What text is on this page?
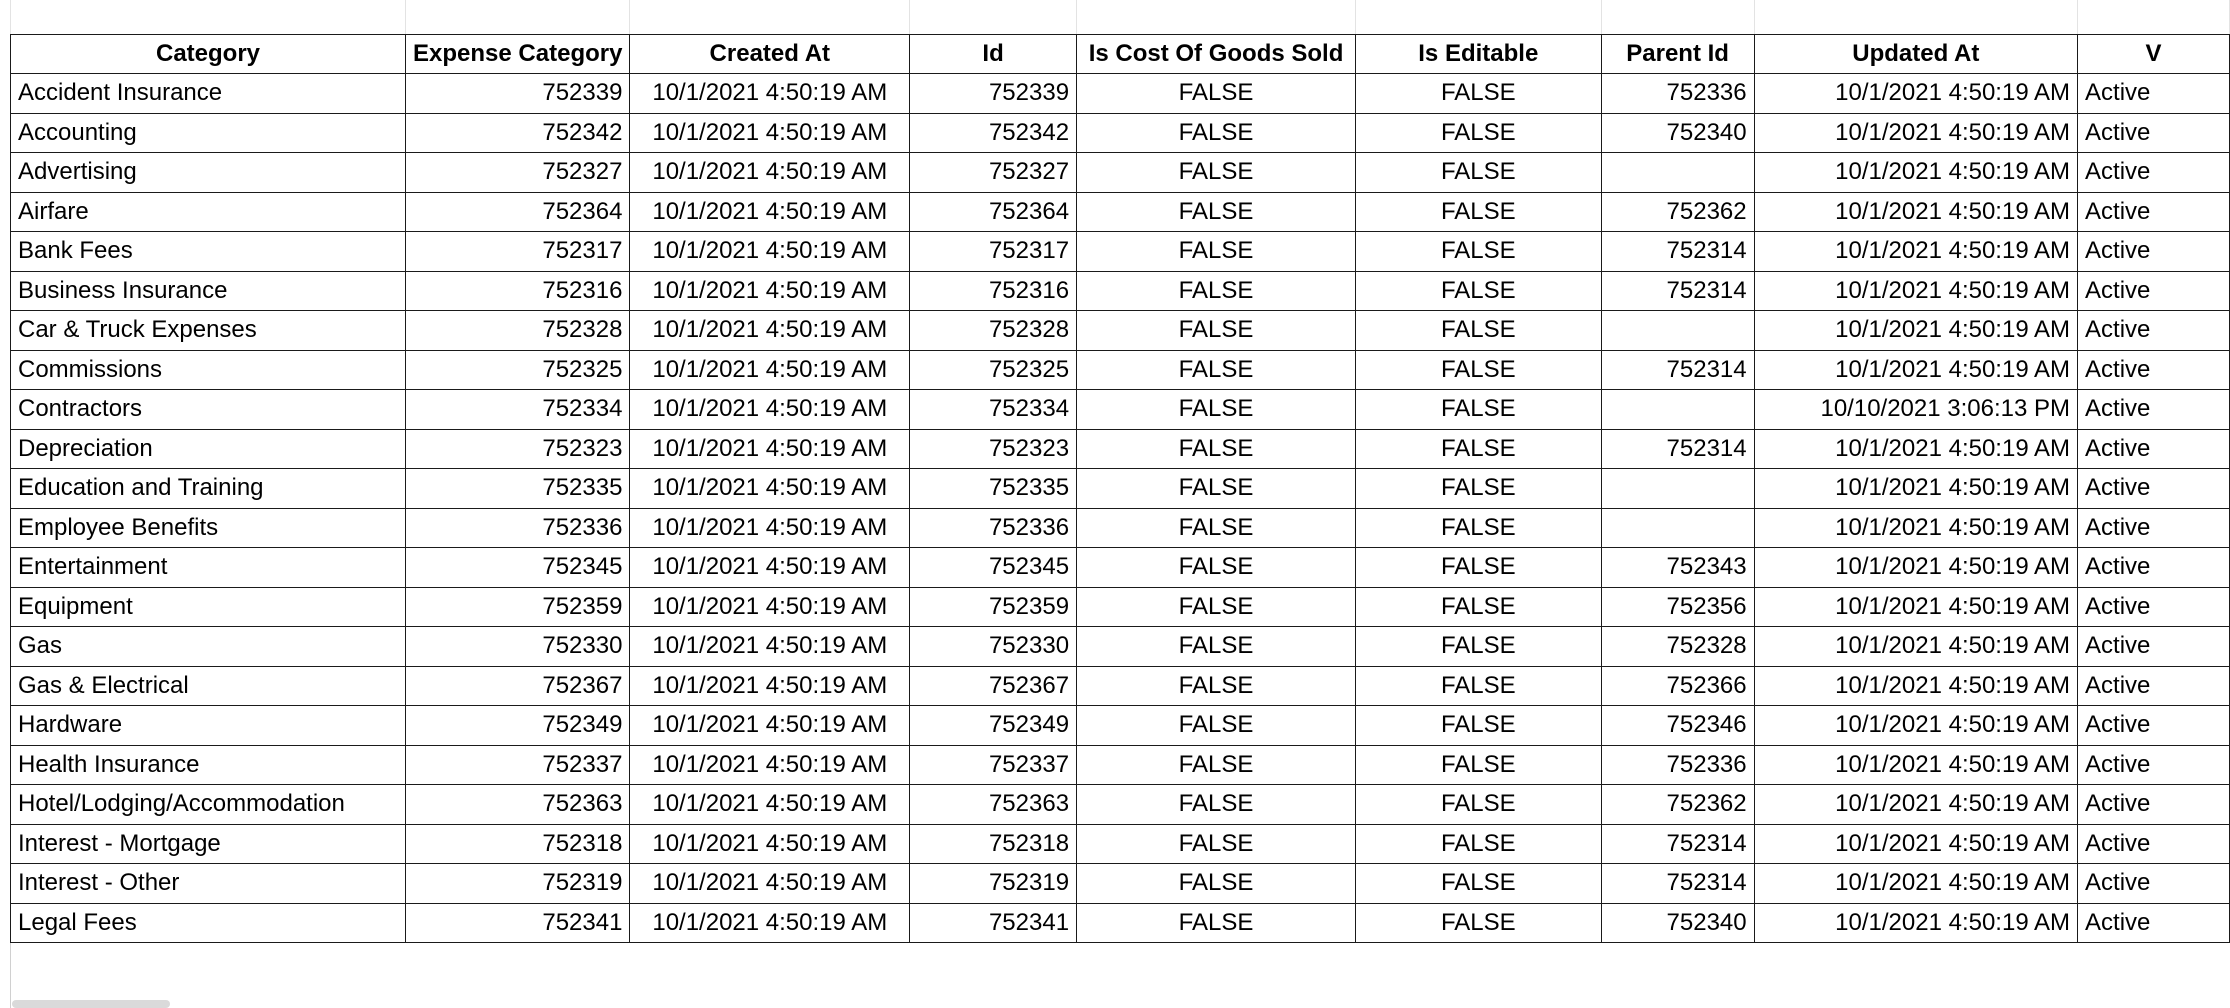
Category	Expense Category	Created At	Id	Is Cost Of Goods Sold	Is Editable	Parent Id	Updated At	V
Accident Insurance	752339	10/1/2021 4:50:19 AM	752339	FALSE	FALSE	752336	10/1/2021 4:50:19 AM	Active
Accounting	752342	10/1/2021 4:50:19 AM	752342	FALSE	FALSE	752340	10/1/2021 4:50:19 AM	Active
Advertising	752327	10/1/2021 4:50:19 AM	752327	FALSE	FALSE		10/1/2021 4:50:19 AM	Active
Airfare	752364	10/1/2021 4:50:19 AM	752364	FALSE	FALSE	752362	10/1/2021 4:50:19 AM	Active
Bank Fees	752317	10/1/2021 4:50:19 AM	752317	FALSE	FALSE	752314	10/1/2021 4:50:19 AM	Active
Business Insurance	752316	10/1/2021 4:50:19 AM	752316	FALSE	FALSE	752314	10/1/2021 4:50:19 AM	Active
Car & Truck Expenses	752328	10/1/2021 4:50:19 AM	752328	FALSE	FALSE		10/1/2021 4:50:19 AM	Active
Commissions	752325	10/1/2021 4:50:19 AM	752325	FALSE	FALSE	752314	10/1/2021 4:50:19 AM	Active
Contractors	752334	10/1/2021 4:50:19 AM	752334	FALSE	FALSE		10/10/2021 3:06:13 PM	Active
Depreciation	752323	10/1/2021 4:50:19 AM	752323	FALSE	FALSE	752314	10/1/2021 4:50:19 AM	Active
Education and Training	752335	10/1/2021 4:50:19 AM	752335	FALSE	FALSE		10/1/2021 4:50:19 AM	Active
Employee Benefits	752336	10/1/2021 4:50:19 AM	752336	FALSE	FALSE		10/1/2021 4:50:19 AM	Active
Entertainment	752345	10/1/2021 4:50:19 AM	752345	FALSE	FALSE	752343	10/1/2021 4:50:19 AM	Active
Equipment	752359	10/1/2021 4:50:19 AM	752359	FALSE	FALSE	752356	10/1/2021 4:50:19 AM	Active
Gas	752330	10/1/2021 4:50:19 AM	752330	FALSE	FALSE	752328	10/1/2021 4:50:19 AM	Active
Gas & Electrical	752367	10/1/2021 4:50:19 AM	752367	FALSE	FALSE	752366	10/1/2021 4:50:19 AM	Active
Hardware	752349	10/1/2021 4:50:19 AM	752349	FALSE	FALSE	752346	10/1/2021 4:50:19 AM	Active
Health Insurance	752337	10/1/2021 4:50:19 AM	752337	FALSE	FALSE	752336	10/1/2021 4:50:19 AM	Active
Hotel/Lodging/Accommodation	752363	10/1/2021 4:50:19 AM	752363	FALSE	FALSE	752362	10/1/2021 4:50:19 AM	Active
Interest - Mortgage	752318	10/1/2021 4:50:19 AM	752318	FALSE	FALSE	752314	10/1/2021 4:50:19 AM	Active
Interest - Other	752319	10/1/2021 4:50:19 AM	752319	FALSE	FALSE	752314	10/1/2021 4:50:19 AM	Active
Legal Fees	752341	10/1/2021 4:50:19 AM	752341	FALSE	FALSE	752340	10/1/2021 4:50:19 AM	Active
